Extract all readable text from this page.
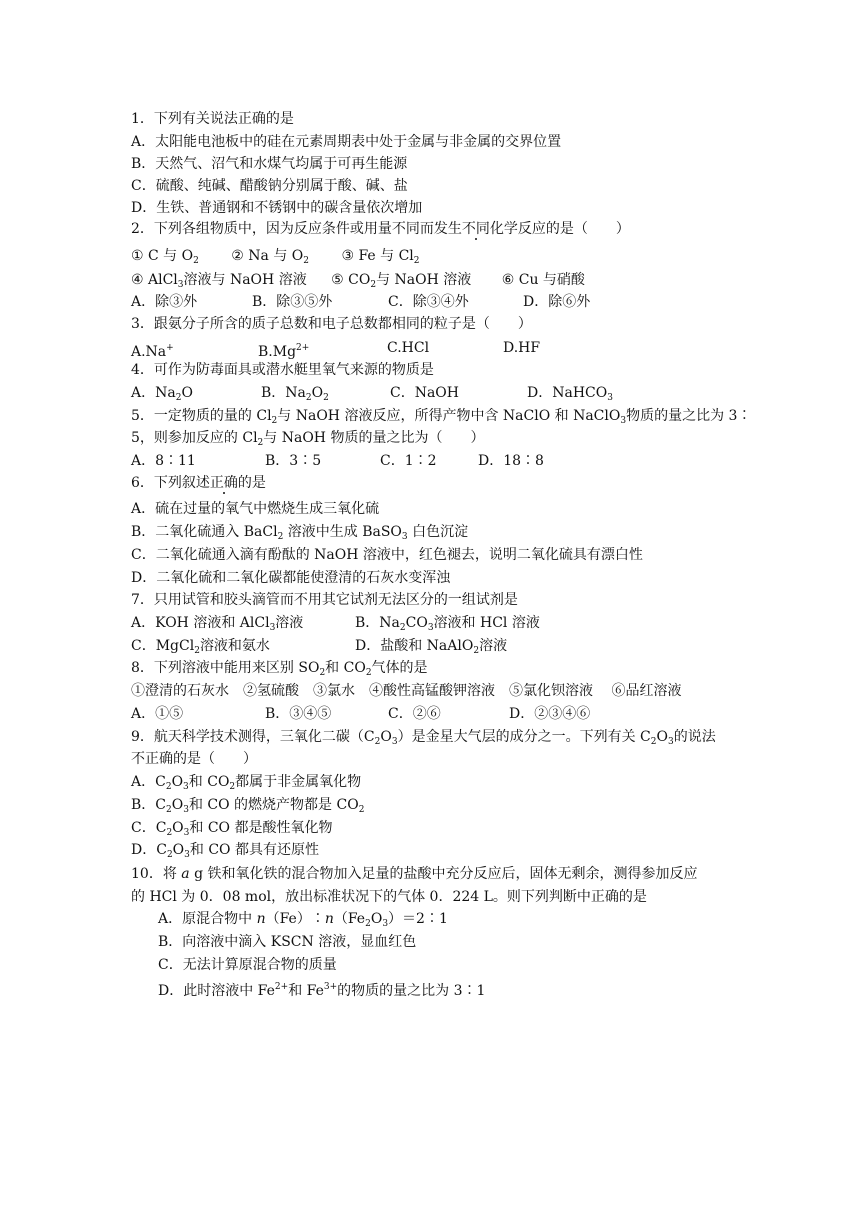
1．下列有关说法正确的是
A．太阳能电池板中的硅在元素周期表中处于金属与非金属的交界位置
B．天然气、沼气和水煤气均属于可再生能源
C．硫酸、纯碱、醋酸钠分别属于酸、碱、盐
D．生铁、普通钢和不锈钢中的碳含量依次增加
2．下列各组物质中，因为反应条件或用量不同而发生不同化学反应的是（　　）
① C 与 $O_2$ ② Na 与 $O_2$ ③ Fe 与 $Cl_2$
④ AlCl$_3$溶液与 NaOH 溶液 ⑤ $CO_2$与 NaOH 溶液 ⑥ Cu 与硝酸
A．除③外	B．除③⑤外	C．除③④外	D．除⑥外
3．跟氨分子所含的质子总数和电子总数都相同的粒子是（　　）
A.Na+	$B.Mg^{2+}$	C.HCl	D.HF
4．可作为防毒面具或潜水艇里氧气来源的物质是
A．$Na_2O$	B．$Na_2O_2$	C．NaOH	D．NaHCO$_3$
5．一定物质的量的 $Cl_2$与 NaOH 溶液反应，所得产物中含 NaClO 和 NaClO$_3$物质的量之比为 3∶
5，则参加反应的 $Cl_2$与 NaOH 物质的量之比为（　　）
A．8∶11	B．3∶5	C．1∶2	D．18∶8
6．下列叙述正确的是
A．硫在过量的氧气中燃烧生成三氧化硫
B．二氧化硫通入 BaCl$_2$ 溶液中生成 BaSO$_3$ 白色沉淀
C．二氧化硫通入滴有酚酞的 NaOH 溶液中，红色褪去，说明二氧化硫具有漂白性
D．二氧化硫和二氧化碳都能使澄清的石灰水变浑浊
7．只用试管和胶头滴管而不用其它试剂无法区分的一组试剂是
A．KOH 溶液和 AlCl$_3$溶液	B．$Na_2CO_3$溶液和 HCl 溶液
C．MgCl$_2$溶液和氨水	D．盐酸和 NaAlO$_2$溶液
8．下列溶液中能用来区别 $SO_2$和 $CO_2$气体的是
①澄清的石灰水　②氢硫酸　③氯水　④酸性高锰酸钾溶液　⑤氯化钡溶液　 ⑥品红溶液
A．①⑤	B．③④⑤	C．②⑥	D．②③④⑥
9．航天科学技术测得，三氧化二碳$(C_2O_3)$是金星大气层的成分之一。下列有关 $C_2O_3$的说法
不正确的是（　　）
A．$C_2O_3$和 $CO_2$都属于非金属氧化物
B．$C_2O_3$和 CO 的燃烧产物都是 $CO_2$
C．$C_2O_3$和 CO 都是酸性氧化物
D．$C_2O_3$和 CO 都具有还原性
10．将 a g 铁和氧化铁的混合物加入足量的盐酸中充分反应后，固体无剩余，测得参加反应
的 HCl 为 0．08 mol，放出标准状况下的气体 0．224 L。则下列判断中正确的是
A．原混合物中 $n(Fe)∶n(Fe_2O_3)=2∶1$
B．向溶液中滴入 KSCN 溶液，显血红色
C．无法计算原混合物的质量
D．此时溶液中 $Fe^{2+}$和 $Fe^{3+}$的物质的量之比为 3∶1
